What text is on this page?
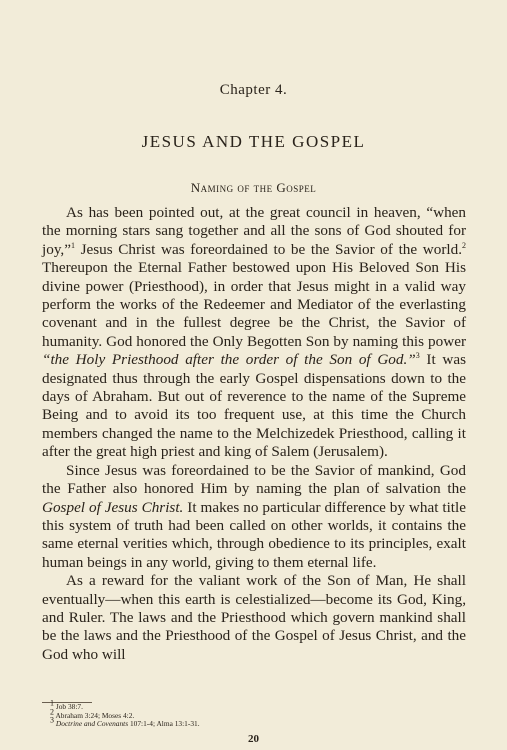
Chapter 4.
JESUS AND THE GOSPEL
Naming of the Gospel

As has been pointed out, at the great council in heaven, “when the morning stars sang together and all the sons of God shouted for joy,”$^1$ Jesus Christ was foreordained to be the Savior of the world.$^2$ Thereupon the Eternal Father bestowed upon His Beloved Son His divine power (Priesthood), in order that Jesus might in a valid way perform the works of the Redeemer and Mediator of the everlasting covenant and in the fullest degree be the Christ, the Savior of humanity. God honored the Only Begotten Son by naming this power “the Holy Priesthood after the order of the Son of God.”$^3$ It was designated thus through the early Gospel dispensations down to the days of Abraham. But out of reverence to the name of the Supreme Being and to avoid its too frequent use, at this time the Church members changed the name to the Melchizedek Priesthood, calling it after the great high priest and king of Salem (Jerusalem).

Since Jesus was foreordained to be the Savior of mankind, God the Father also honored Him by naming the plan of salvation the Gospel of Jesus Christ. It makes no particular difference by what title this system of truth had been called on other worlds, it contains the same eternal verities which, through obedience to its principles, exalt human beings in any world, giving to them eternal life.

As a reward for the valiant work of the Son of Man, He shall eventually—when this earth is celestialized—become its God, King, and Ruler. The laws and the Priesthood which govern mankind shall be the laws and the Priesthood of the Gospel of Jesus Christ, and the God who will

$^1$ Job 38:7.
$^2$ Abraham 3:24; Moses 4:2.
$^3$ Doctrine and Covenants 107:1-4; Alma 13:1-31.
20
